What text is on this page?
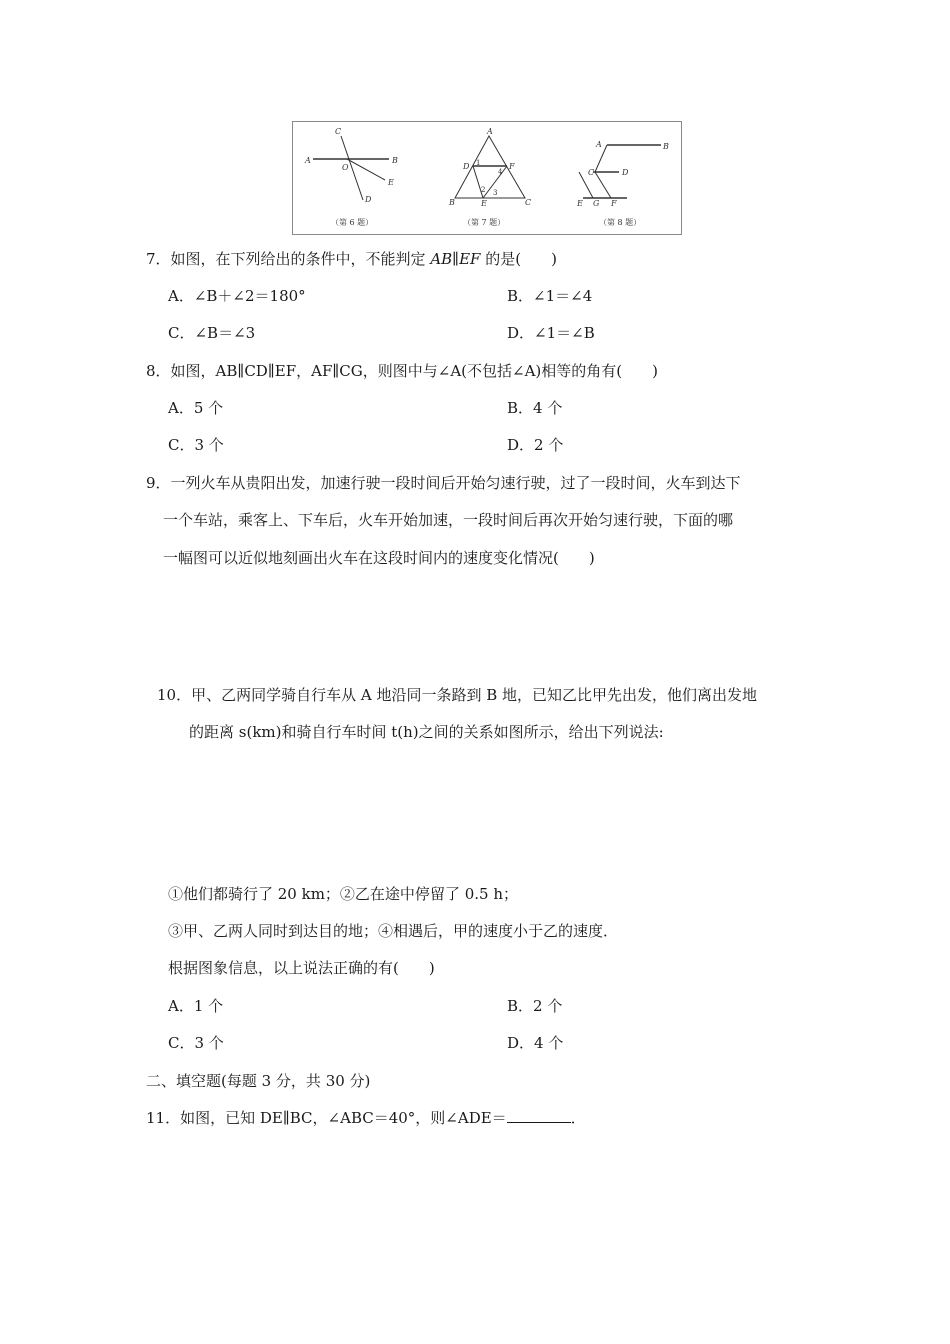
A	B
C
D
E
O
（第 6 题）
A
B	C
D
E
F
1
2 3
4
（第 7 题）
A	B
C	D
E G F
（第 8 题）
7．如图，在下列给出的条件中，不能判定 AB∥EF 的是(　　)
A．∠B＋∠2＝180°	B．∠1＝∠4
C．∠B＝∠3	D．∠1＝∠B
8．如图，AB∥CD∥EF，AF∥CG，则图中与∠A(不包括∠A)相等的角有(　　)
A．5 个	B．4 个
C．3 个	D．2 个
9．一列火车从贵阳出发，加速行驶一段时间后开始匀速行驶，过了一段时间，火车到达下
一个车站，乘客上、下车后，火车开始加速，一段时间后再次开始匀速行驶，下面的哪
一幅图可以近似地刻画出火车在这段时间内的速度变化情况(　　)
10．甲、乙两同学骑自行车从 A 地沿同一条路到 B 地，已知乙比甲先出发，他们离出发地
的距离 s(km)和骑自行车时间 t(h)之间的关系如图所示，给出下列说法:
①他们都骑行了 20 km；②乙在途中停留了 0.5 h；
③甲、乙两人同时到达目的地；④相遇后，甲的速度小于乙的速度．
根据图象信息，以上说法正确的有(　　)
A．1 个	B．2 个
C．3 个	D．4 个
二、填空题(每题 3 分，共 30 分)
11．如图，已知 DE∥BC，∠ABC＝40°，则∠ADE＝	．
